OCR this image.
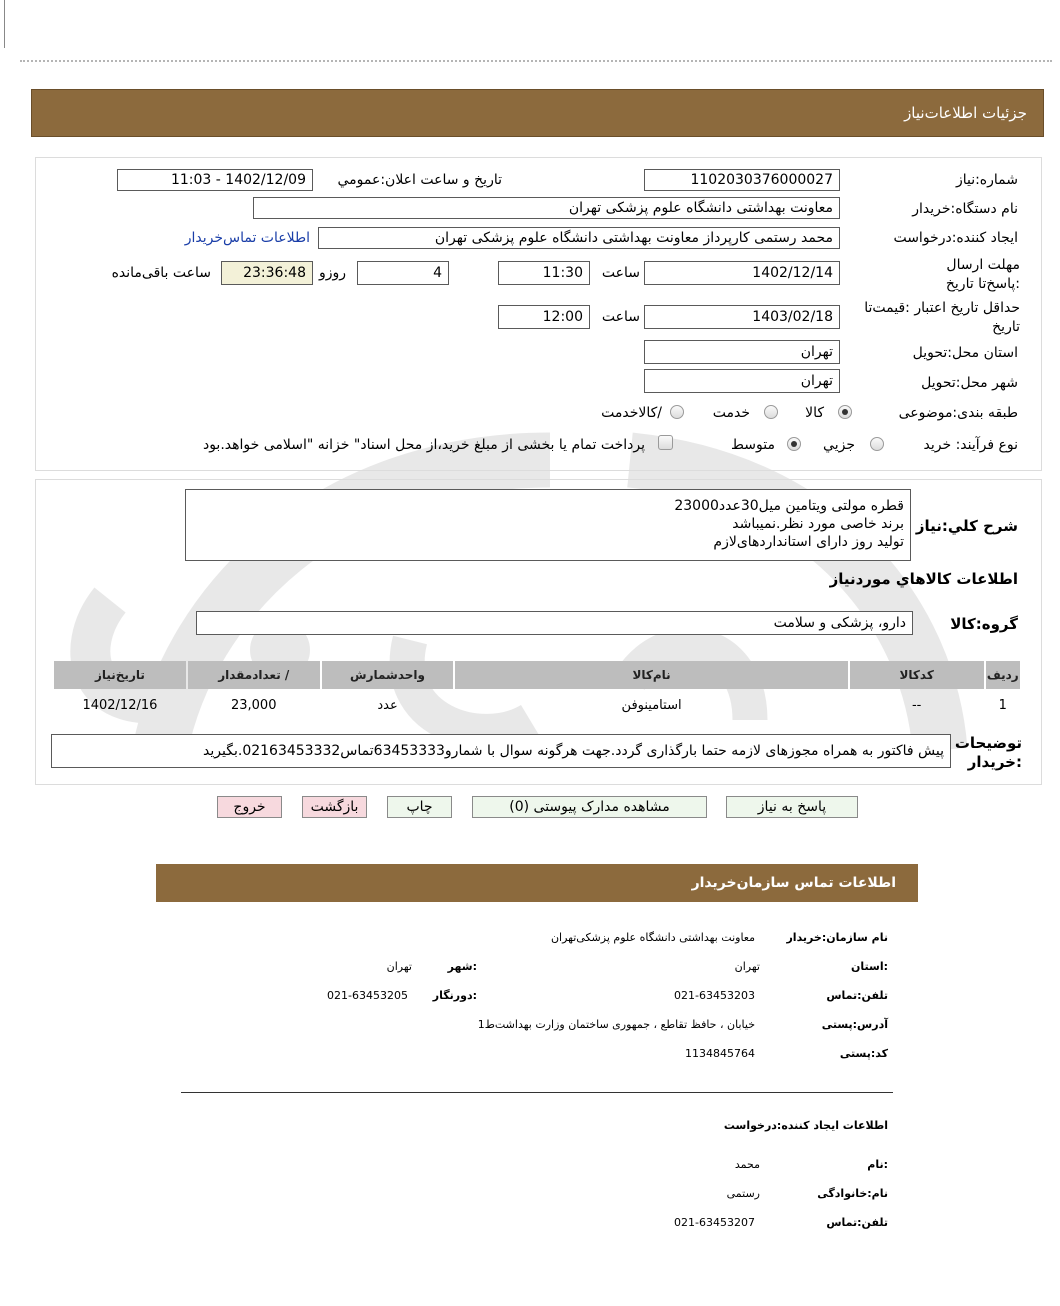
جزئیات اطلاعات‌نیاز
شماره:نیاز
1102030376000027
تاریخ و ساعت اعلان:عمومي
1402/12/09 - 11:03
نام دستگاه:خریدار
معاونت بهداشتی دانشگاه علوم پزشکی تهران
ایجاد کننده:درخواست
محمد رستمی کارپرداز معاونت بهداشتی دانشگاه علوم پزشکی تهران
اطلاعات تماس‌خریدار
مهلت ارسال :پاسخ‌تا تاریخ
1402/12/14
ساعت
11:30
4
روزو
23:36:48
ساعت باقی‌مانده
حداقل تاریخ اعتبار :قیمت‌تا تاریخ
1403/02/18
ساعت
12:00
استان محل:تحویل
تهران
شهر محل:تحویل
تهران
طبقه بندی:موضوعی
کالا
خدمت
/کالاخدمت
نوع فرآیند: خرید
جزیي
متوسط
پرداخت تمام یا بخشی از مبلغ خرید،از محل اسناد" خزانه "اسلامی خواهد.بود
شرح کلي:نیاز
قطره مولتی ویتامین میل30عدد23000
برند خاصی مورد نظر.نمیباشد
تولید روز دارای استانداردهای‌لازم
اطلاعات کالاهاي موردنياز
گروه:کالا
دارو، پزشکی و سلامت
ردیف	کدکالا	نام‌کالا	واحدشمارش	/ تعدادمقدار	تاریخ‌نیاز
1	--	استامینوفن	عدد	23,000	1402/12/16
توضیحات :خریدار
پیش فاکتور به همراه مجوزهای لازمه حتما بارگذاری گردد.جهت هرگونه سوال با شمارو63453333تماس02163453332.بگیرید
پاسخ به نیاز
مشاهده مدارک پیوستی (0)
چاپ
بازگشت
خروج
اطلاعات تماس سازمان‌خریدار
نام سازمان:خریدار
معاونت بهداشتی دانشگاه علوم پزشکی‌تهران
:استان
تهران
:شهر
تهران
تلفن:تماس
021-63453203
:دورنگار
021-63453205
آدرس:پستی
خیابان ، حافظ تقاطع ، جمهوری ساختمان وزارت بهداشت‌ط1
کد:پستی
1134845764
اطلاعات ایجاد کننده:درخواست
:نام
محمد
نام:خانوادگی
رستمی
تلفن:تماس
021-63453207
